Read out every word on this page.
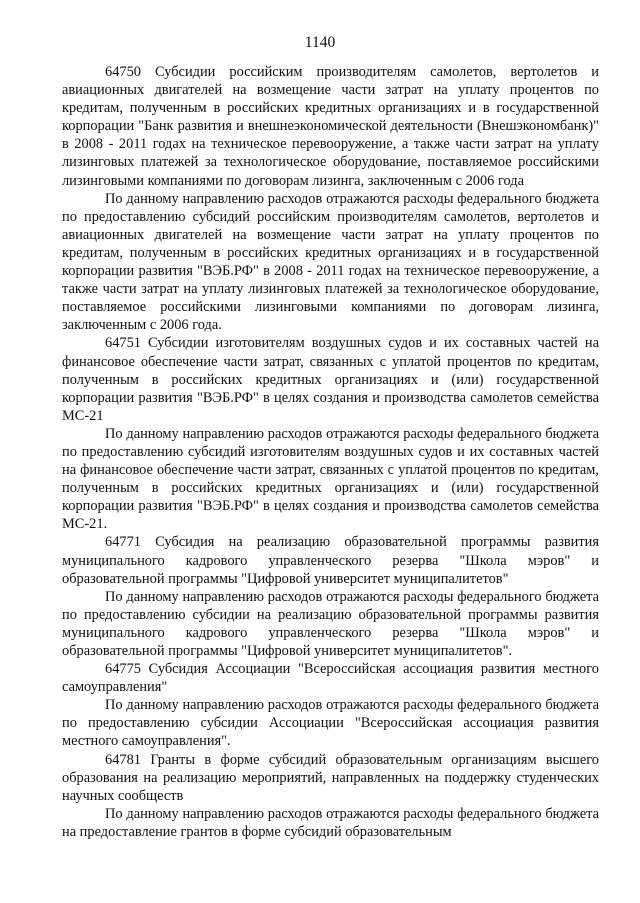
1140

64750 Субсидии российским производителям самолетов, вертолетов и авиационных двигателей на возмещение части затрат на уплату процентов по кредитам, полученным в российских кредитных организациях и в государственной корпорации "Банк развития и внешнеэкономической деятельности (Внешэкономбанк)" в 2008 - 2011 годах на техническое перевооружение, а также части затрат на уплату лизинговых платежей за технологическое оборудование, поставляемое российскими лизинговыми компаниями по договорам лизинга, заключенным с 2006 года

По данному направлению расходов отражаются расходы федерального бюджета по предоставлению субсидий российским производителям самолетов, вертолетов и авиационных двигателей на возмещение части затрат на уплату процентов по кредитам, полученным в российских кредитных организациях и в государственной корпорации развития "ВЭБ.РФ" в 2008 - 2011 годах на техническое перевооружение, а также части затрат на уплату лизинговых платежей за технологическое оборудование, поставляемое российскими лизинговыми компаниями по договорам лизинга, заключенным с 2006 года.

64751 Субсидии изготовителям воздушных судов и их составных частей на финансовое обеспечение части затрат, связанных с уплатой процентов по кредитам, полученным в российских кредитных организациях и (или) государственной корпорации развития "ВЭБ.РФ" в целях создания и производства самолетов семейства МС-21

По данному направлению расходов отражаются расходы федерального бюджета по предоставлению субсидий изготовителям воздушных судов и их составных частей на финансовое обеспечение части затрат, связанных с уплатой процентов по кредитам, полученным в российских кредитных организациях и (или) государственной корпорации развития "ВЭБ.РФ" в целях создания и производства самолетов семейства МС-21.

64771 Субсидия на реализацию образовательной программы развития муниципального кадрового управленческого резерва "Школа мэров" и образовательной программы "Цифровой университет муниципалитетов"

По данному направлению расходов отражаются расходы федерального бюджета по предоставлению субсидии на реализацию образовательной программы развития муниципального кадрового управленческого резерва "Школа мэров" и образовательной программы "Цифровой университет муниципалитетов".

64775 Субсидия Ассоциации "Всероссийская ассоциация развития местного самоуправления"

По данному направлению расходов отражаются расходы федерального бюджета по предоставлению субсидии Ассоциации "Всероссийская ассоциация развития местного самоуправления".

64781 Гранты в форме субсидий образовательным организациям высшего образования на реализацию мероприятий, направленных на поддержку студенческих научных сообществ

По данному направлению расходов отражаются расходы федерального бюджета на предоставление грантов в форме субсидий образовательным
